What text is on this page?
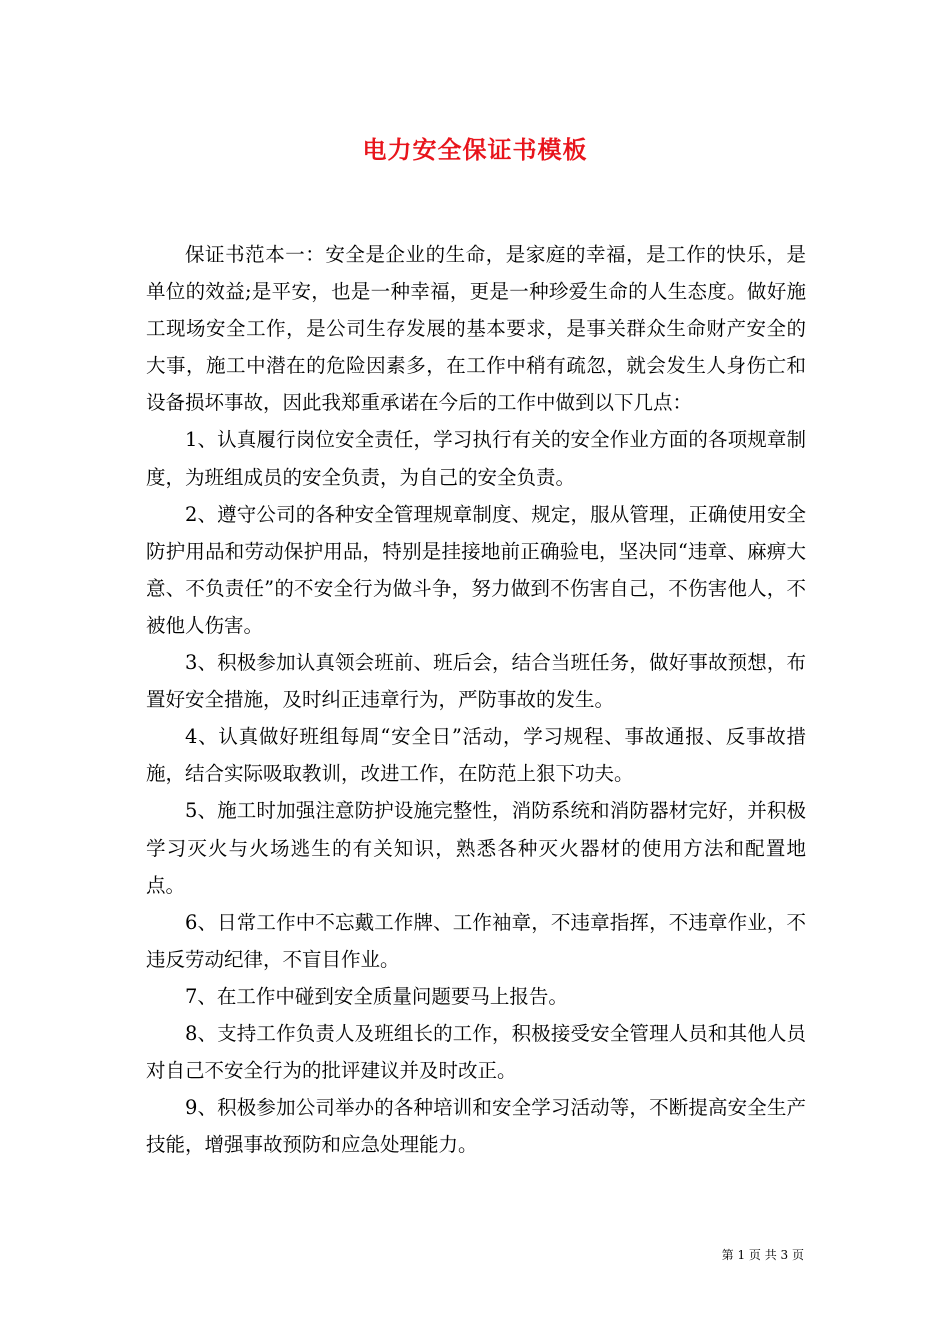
电力安全保证书模板

保证书范本一：安全是企业的生命，是家庭的幸福，是工作的快乐，是单位的效益;是平安，也是一种幸福，更是一种珍爱生命的人生态度。做好施工现场安全工作，是公司生存发展的基本要求，是事关群众生命财产安全的大事，施工中潜在的危险因素多，在工作中稍有疏忽，就会发生人身伤亡和设备损坏事故，因此我郑重承诺在今后的工作中做到以下几点：

1、认真履行岗位安全责任，学习执行有关的安全作业方面的各项规章制度，为班组成员的安全负责，为自己的安全负责。

2、遵守公司的各种安全管理规章制度、规定，服从管理，正确使用安全防护用品和劳动保护用品，特别是挂接地前正确验电，坚决同“违章、麻痹大意、不负责任”的不安全行为做斗争，努力做到不伤害自己，不伤害他人，不被他人伤害。

3、积极参加认真领会班前、班后会，结合当班任务，做好事故预想，布置好安全措施，及时纠正违章行为，严防事故的发生。

4、认真做好班组每周“安全日”活动，学习规程、事故通报、反事故措施，结合实际吸取教训，改进工作，在防范上狠下功夫。

5、施工时加强注意防护设施完整性，消防系统和消防器材完好，并积极学习灭火与火场逃生的有关知识，熟悉各种灭火器材的使用方法和配置地点。

6、日常工作中不忘戴工作牌、工作袖章，不违章指挥，不违章作业，不违反劳动纪律，不盲目作业。

7、在工作中碰到安全质量问题要马上报告。

8、支持工作负责人及班组长的工作，积极接受安全管理人员和其他人员对自己不安全行为的批评建议并及时改正。

9、积极参加公司举办的各种培训和安全学习活动等，不断提高安全生产技能，增强事故预防和应急处理能力。

第 1 页 共 3 页
